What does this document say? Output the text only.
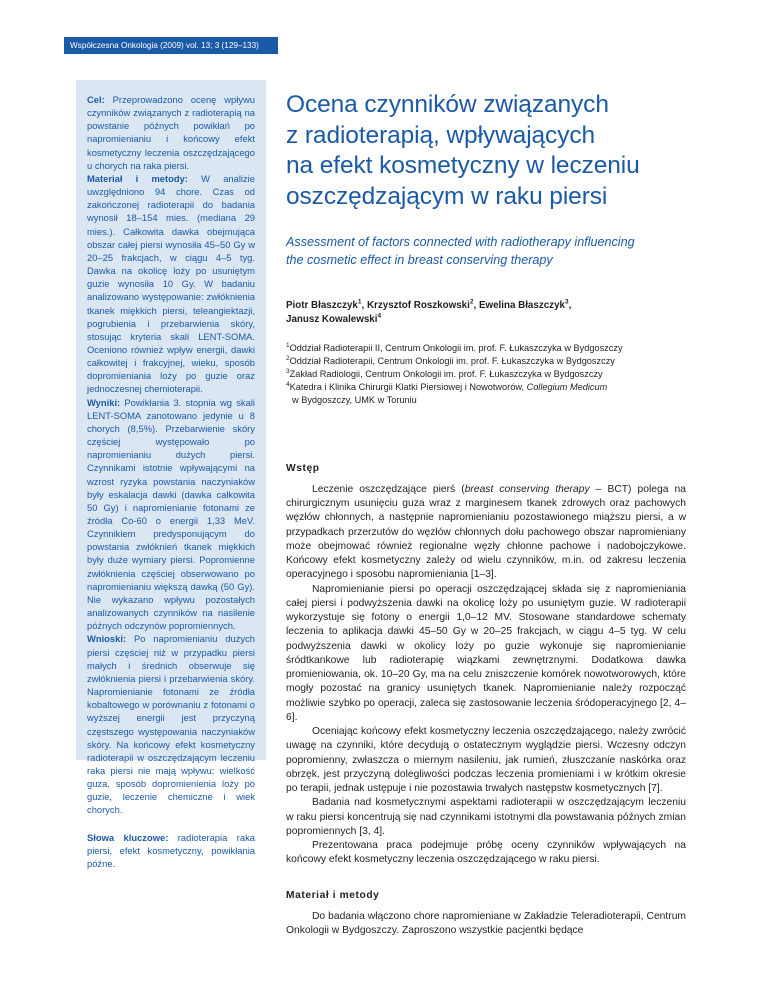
Współczesna Onkologia (2009) vol. 13; 3 (129–133)

Cel: Przeprowadzono ocenę wpływu czynników związanych z radioterapią na powstanie późnych powikłań po napromienianiu i końcowy efekt kosmetyczny leczenia oszczędzającego u chorych na raka piersi.

Materiał i metody: W analizie uwzględniono 94 chore. Czas od zakończonej radioterapii do badania wynosił 18–154 mies. (mediana 29 mies.). Całkowita dawka obejmująca obszar całej piersi wynosiła 45–50 Gy w 20–25 frakcjach, w ciągu 4–5 tyg. Dawka na okolicę loży po usuniętym guzie wynosiła 10 Gy. W badaniu analizowano występowanie: zwłóknienia tkanek miękkich piersi, teleangiektazji, pogrubienia i przebarwienia skóry, stosując kryteria skali LENT-SOMA. Oceniono również wpływ energii, dawki całkowitej i frakcyjnej, wieku, sposób dopromieniania loży po guzie oraz jednoczesnej chemioterapii.

Wyniki: Powikłania 3. stopnia wg skali LENT-SOMA zanotowano jedynie u 8 chorych (8,5%). Przebarwienie skóry częściej występowało po napromienianiu dużych piersi. Czynnikami istotnie wpływającymi na wzrost ryzyka powstania naczyniaków były eskalacja dawki (dawka całkowita 50 Gy) i napromienianie fotonami ze źródła Co-60 o energii 1,33 MeV. Czynnikiem predysponującym do powstania zwłóknień tkanek miękkich były duże wymiary piersi. Popromienne zwłóknienia częściej obserwowano po napromienianiu większą dawką (50 Gy). Nie wykazano wpływu pozostałych analizowanych czynników na nasilenie późnych odczynów popromiennych.

Wnioski: Po napromienianiu dużych piersi częściej niż w przypadku piersi małych i średnich obserwuje się zwłóknienia piersi i przebarwienia skóry. Napromienianie fotonami ze źródła kobaltowego w porównaniu z fotonami o wyższej energii jest przyczyną częstszego występowania naczyniaków skóry. Na końcowy efekt kosmetyczny radioterapii w oszczędzającym leczeniu raka piersi nie mają wpływu: wielkość guza, sposób dopromienienia loży po guzie, leczenie chemiczne i wiek chorych.

Słowa kluczowe: radioterapia raka piersi, efekt kosmetyczny, powikłania późne.

Ocena czynników związanych
z radioterapią, wpływających
na efekt kosmetyczny w leczeniu
oszczędzającym w raku piersi
Assessment of factors connected with radiotherapy influencing
the cosmetic effect in breast conserving therapy
Piotr Błaszczyk$^1$, Krzysztof Roszkowski$^2$, Ewelina Błaszczyk$^3$,
Janusz Kowalewski$^4$
$^1$Oddział Radioterapii II, Centrum Onkologii im. prof. F. Łukaszczyka w Bydgoszczy
$^2$Oddział Radioterapii, Centrum Onkologii im. prof. F. Łukaszczyka w Bydgoszczy
$^3$Zakład Radiologii, Centrum Onkologii im. prof. F. Łukaszczyka w Bydgoszczy
$^4$Katedra i Klinika Chirurgii Klatki Piersiowej i Nowotworów, Collegium Medicum
w Bydgoszczy, UMK w Toruniu
Wstęp

Leczenie oszczędzające pierś (breast conserving therapy – BCT) polega na chirurgicznym usunięciu guza wraz z marginesem tkanek zdrowych oraz pachowych węzłów chłonnych, a następnie napromienianiu pozostawionego miąższu piersi, a w przypadkach przerzutów do węzłów chłonnych dołu pachowego obszar napromieniany może obejmować również regionalne węzły chłonne pachowe i nadobojczykowe. Końcowy efekt kosmetyczny zależy od wielu czynników, m.in. od zakresu leczenia operacyjnego i sposobu napromieniania [1–3].

Napromienianie piersi po operacji oszczędzającej składa się z napromieniania całej piersi i podwyższenia dawki na okolicę loży po usuniętym guzie. W radioterapii wykorzystuje się fotony o energii 1,0–12 MV. Stosowane standardowe schematy leczenia to aplikacja dawki 45–50 Gy w 20–25 frakcjach, w ciągu 4–5 tyg. W celu podwyższenia dawki w okolicy loży po guzie wykonuje się napromienianie śródtkankowe lub radioterapię wiązkami zewnętrznymi. Dodatkowa dawka promieniowania, ok. 10–20 Gy, ma na celu zniszczenie komórek nowotworowych, które mogły pozostać na granicy usuniętych tkanek. Napromienianie należy rozpocząć możliwie szybko po operacji, zaleca się zastosowanie leczenia śródoperacyjnego [2, 4–6].

Oceniając końcowy efekt kosmetyczny leczenia oszczędzającego, należy zwrócić uwagę na czynniki, które decydują o ostatecznym wyglądzie piersi. Wczesny odczyn popromienny, zwłaszcza o miernym nasileniu, jak rumień, złuszczanie naskórka oraz obrzęk, jest przyczyną dolegliwości podczas leczenia promieniami i w krótkim okresie po terapii, jednak ustępuje i nie pozostawia trwałych następstw kosmetycznych [7].

Badania nad kosmetycznymi aspektami radioterapii w oszczędzającym leczeniu w raku piersi koncentrują się nad czynnikami istotnymi dla powstawania późnych zmian popromiennych [3, 4].

Prezentowana praca podejmuje próbę oceny czynników wpływających na końcowy efekt kosmetyczny leczenia oszczędzającego w raku piersi.

Materiał i metody

Do badania włączono chore napromieniane w Zakładzie Teleradioterapii, Centrum Onkologii w Bydgoszczy. Zaproszono wszystkie pacjentki będące
